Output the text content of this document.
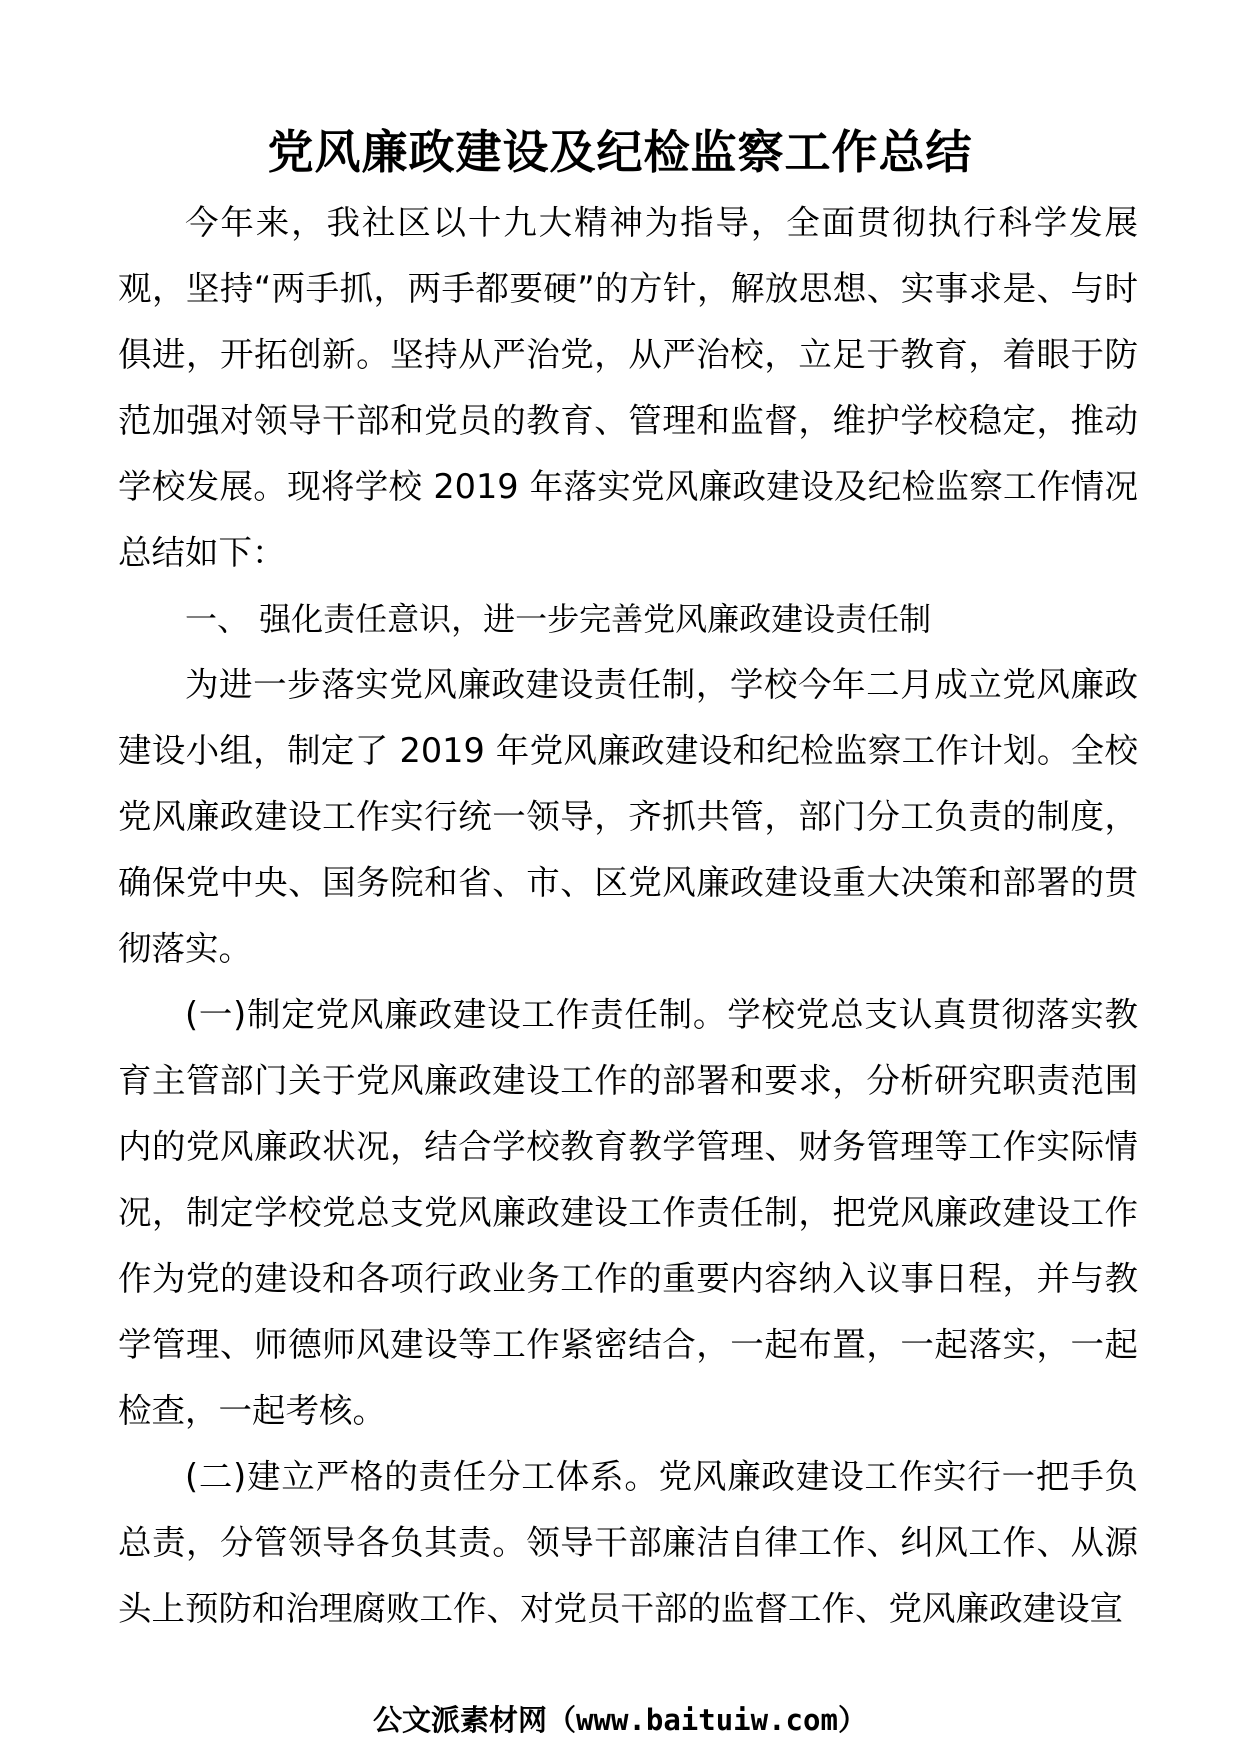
党风廉政建设及纪检监察工作总结

今年来，我社区以十九大精神为指导，全面贯彻执行科学发展观，坚持“两手抓，两手都要硬”的方针，解放思想、实事求是、与时俱进，开拓创新。坚持从严治党，从严治校，立足于教育，着眼于防范加强对领导干部和党员的教育、管理和监督，维护学校稳定，推动学校发展。现将学校 2019 年落实党风廉政建设及纪检监察工作情况总结如下：

一、 强化责任意识，进一步完善党风廉政建设责任制

为进一步落实党风廉政建设责任制，学校今年二月成立党风廉政建设小组，制定了 2019 年党风廉政建设和纪检监察工作计划。全校党风廉政建设工作实行统一领导，齐抓共管，部门分工负责的制度，确保党中央、国务院和省、市、区党风廉政建设重大决策和部署的贯彻落实。

(一)制定党风廉政建设工作责任制。学校党总支认真贯彻落实教育主管部门关于党风廉政建设工作的部署和要求，分析研究职责范围内的党风廉政状况，结合学校教育教学管理、财务管理等工作实际情况，制定学校党总支党风廉政建设工作责任制，把党风廉政建设工作作为党的建设和各项行政业务工作的重要内容纳入议事日程，并与教学管理、师德师风建设等工作紧密结合，一起布置，一起落实，一起检查，一起考核。

(二)建立严格的责任分工体系。党风廉政建设工作实行一把手负总责，分管领导各负其责。领导干部廉洁自律工作、纠风工作、从源头上预防和治理腐败工作、对党员干部的监督工作、党风廉政建设宣

公文派素材网（www.baituiw.com）
